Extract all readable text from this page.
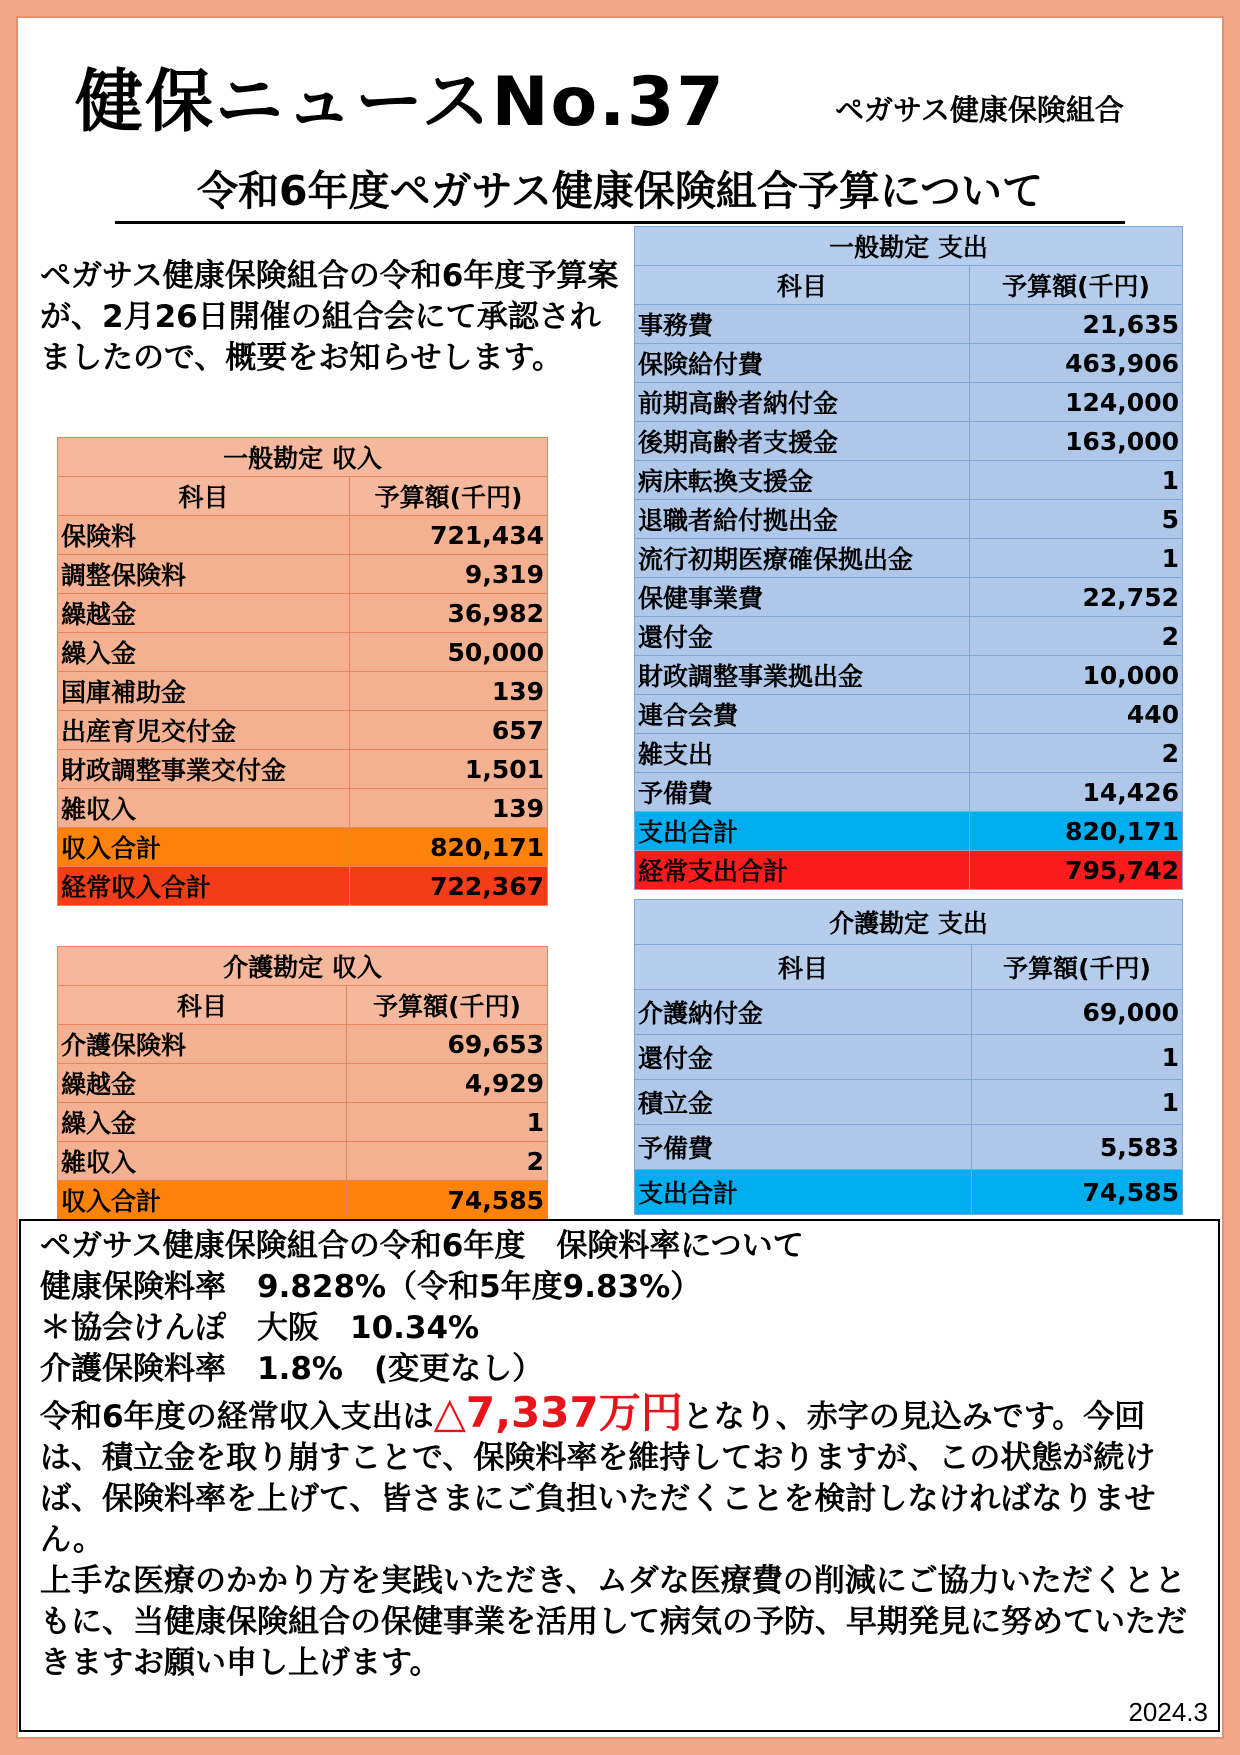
健保ニュースNo.37	ペガサス健康保険組合
令和6年度ペガサス健康保険組合予算について
ペガサス健康保険組合の令和6年度予算案が、2月26日開催の組合会にて承認されましたので、概要をお知らせします。
一般勘定 収入	
科目	予算額(千円)
保険料	721,434
調整保険料	9,319
繰越金	36,982
繰入金	50,000
国庫補助金	139
出産育児交付金	657
財政調整事業交付金	1,501
雑収入	139
収入合計	820,171
経常収入合計	722,367
介護勘定 収入	
科目	予算額(千円)
介護保険料	69,653
繰越金	4,929
繰入金	1
雑収入	2
収入合計	74,585
一般勘定 支出	
科目	予算額(千円)
事務費	21,635
保険給付費	463,906
前期高齢者納付金	124,000
後期高齢者支援金	163,000
病床転換支援金	1
退職者給付拠出金	5
流行初期医療確保拠出金	1
保健事業費	22,752
還付金	2
財政調整事業拠出金	10,000
連合会費	440
雑支出	2
予備費	14,426
支出合計	820,171
経常支出合計	795,742
介護勘定 支出	
科目	予算額(千円)
介護納付金	69,000
還付金	1
積立金	1
予備費	5,583
支出合計	74,585

ペガサス健康保険組合の令和6年度　保険料率について

健康保険料率　9.828%（令和5年度9.83%）

＊協会けんぽ　大阪　10.34%

介護保険料率　1.8%　(変更なし）

令和6年度の経常収入支出は△7,337万円となり、赤字の見込みです。今回は、積立金を取り崩すことで、保険料率を維持しておりますが、この状態が続けば、保険料率を上げて、皆さまにご負担いただくことを検討しなければなりません。

上手な医療のかかり方を実践いただき、ムダな医療費の削減にご協力いただくとともに、当健康保険組合の保健事業を活用して病気の予防、早期発見に努めていただきますお願い申し上げます。

2024.3
